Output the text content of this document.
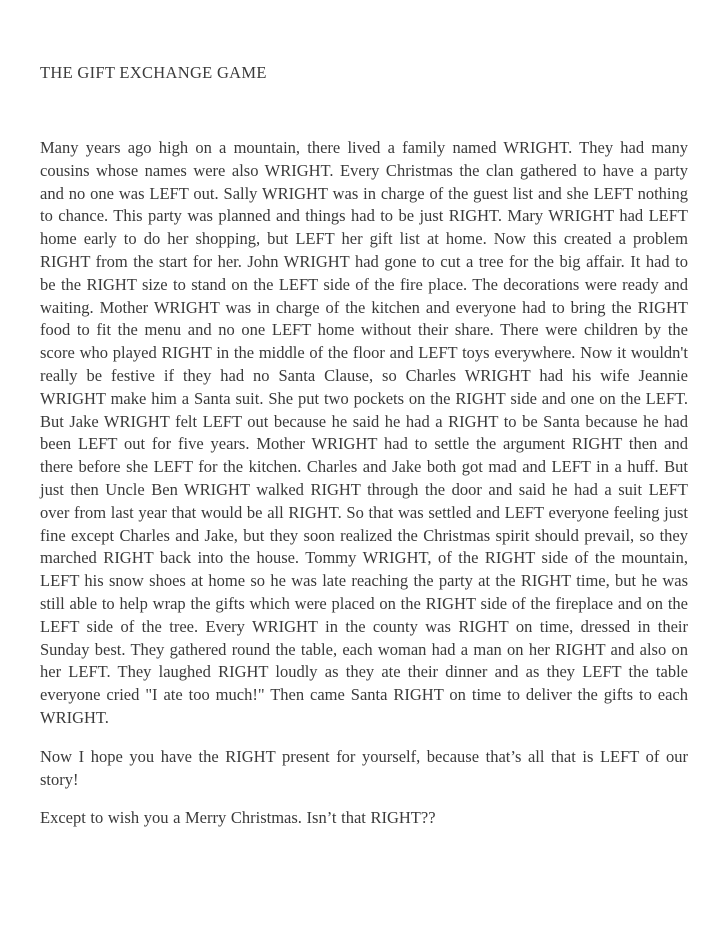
THE GIFT EXCHANGE GAME

Many years ago high on a mountain, there lived a family named WRIGHT. They had many cousins whose names were also WRIGHT. Every Christmas the clan gathered to have a party and no one was LEFT out. Sally WRIGHT was in charge of the guest list and she LEFT nothing to chance. This party was planned and things had to be just RIGHT. Mary WRIGHT had LEFT home early to do her shopping, but LEFT her gift list at home. Now this created a problem RIGHT from the start for her. John WRIGHT had gone to cut a tree for the big affair. It had to be the RIGHT size to stand on the LEFT side of the fire place. The decorations were ready and waiting. Mother WRIGHT was in charge of the kitchen and everyone had to bring the RIGHT food to fit the menu and no one LEFT home without their share. There were children by the score who played RIGHT in the middle of the floor and LEFT toys everywhere. Now it wouldn't really be festive if they had no Santa Clause, so Charles WRIGHT had his wife Jeannie WRIGHT make him a Santa suit. She put two pockets on the RIGHT side and one on the LEFT. But Jake WRIGHT felt LEFT out because he said he had a RIGHT to be Santa because he had been LEFT out for five years. Mother WRIGHT had to settle the argument RIGHT then and there before she LEFT for the kitchen. Charles and Jake both got mad and LEFT in a huff. But just then Uncle Ben WRIGHT walked RIGHT through the door and said he had a suit LEFT over from last year that would be all RIGHT. So that was settled and LEFT everyone feeling just fine except Charles and Jake, but they soon realized the Christmas spirit should prevail, so they marched RIGHT back into the house. Tommy WRIGHT, of the RIGHT side of the mountain, LEFT his snow shoes at home so he was late reaching the party at the RIGHT time, but he was still able to help wrap the gifts which were placed on the RIGHT side of the fireplace and on the LEFT side of the tree. Every WRIGHT in the county was RIGHT on time, dressed in their Sunday best. They gathered round the table, each woman had a man on her RIGHT and also on her LEFT. They laughed RIGHT loudly as they ate their dinner and as they LEFT the table everyone cried "I ate too much!" Then came Santa RIGHT on time to deliver the gifts to each WRIGHT.

Now I hope you have the RIGHT present for yourself, because that’s all that is LEFT of our story!

Except to wish you a Merry Christmas. Isn’t that RIGHT??
